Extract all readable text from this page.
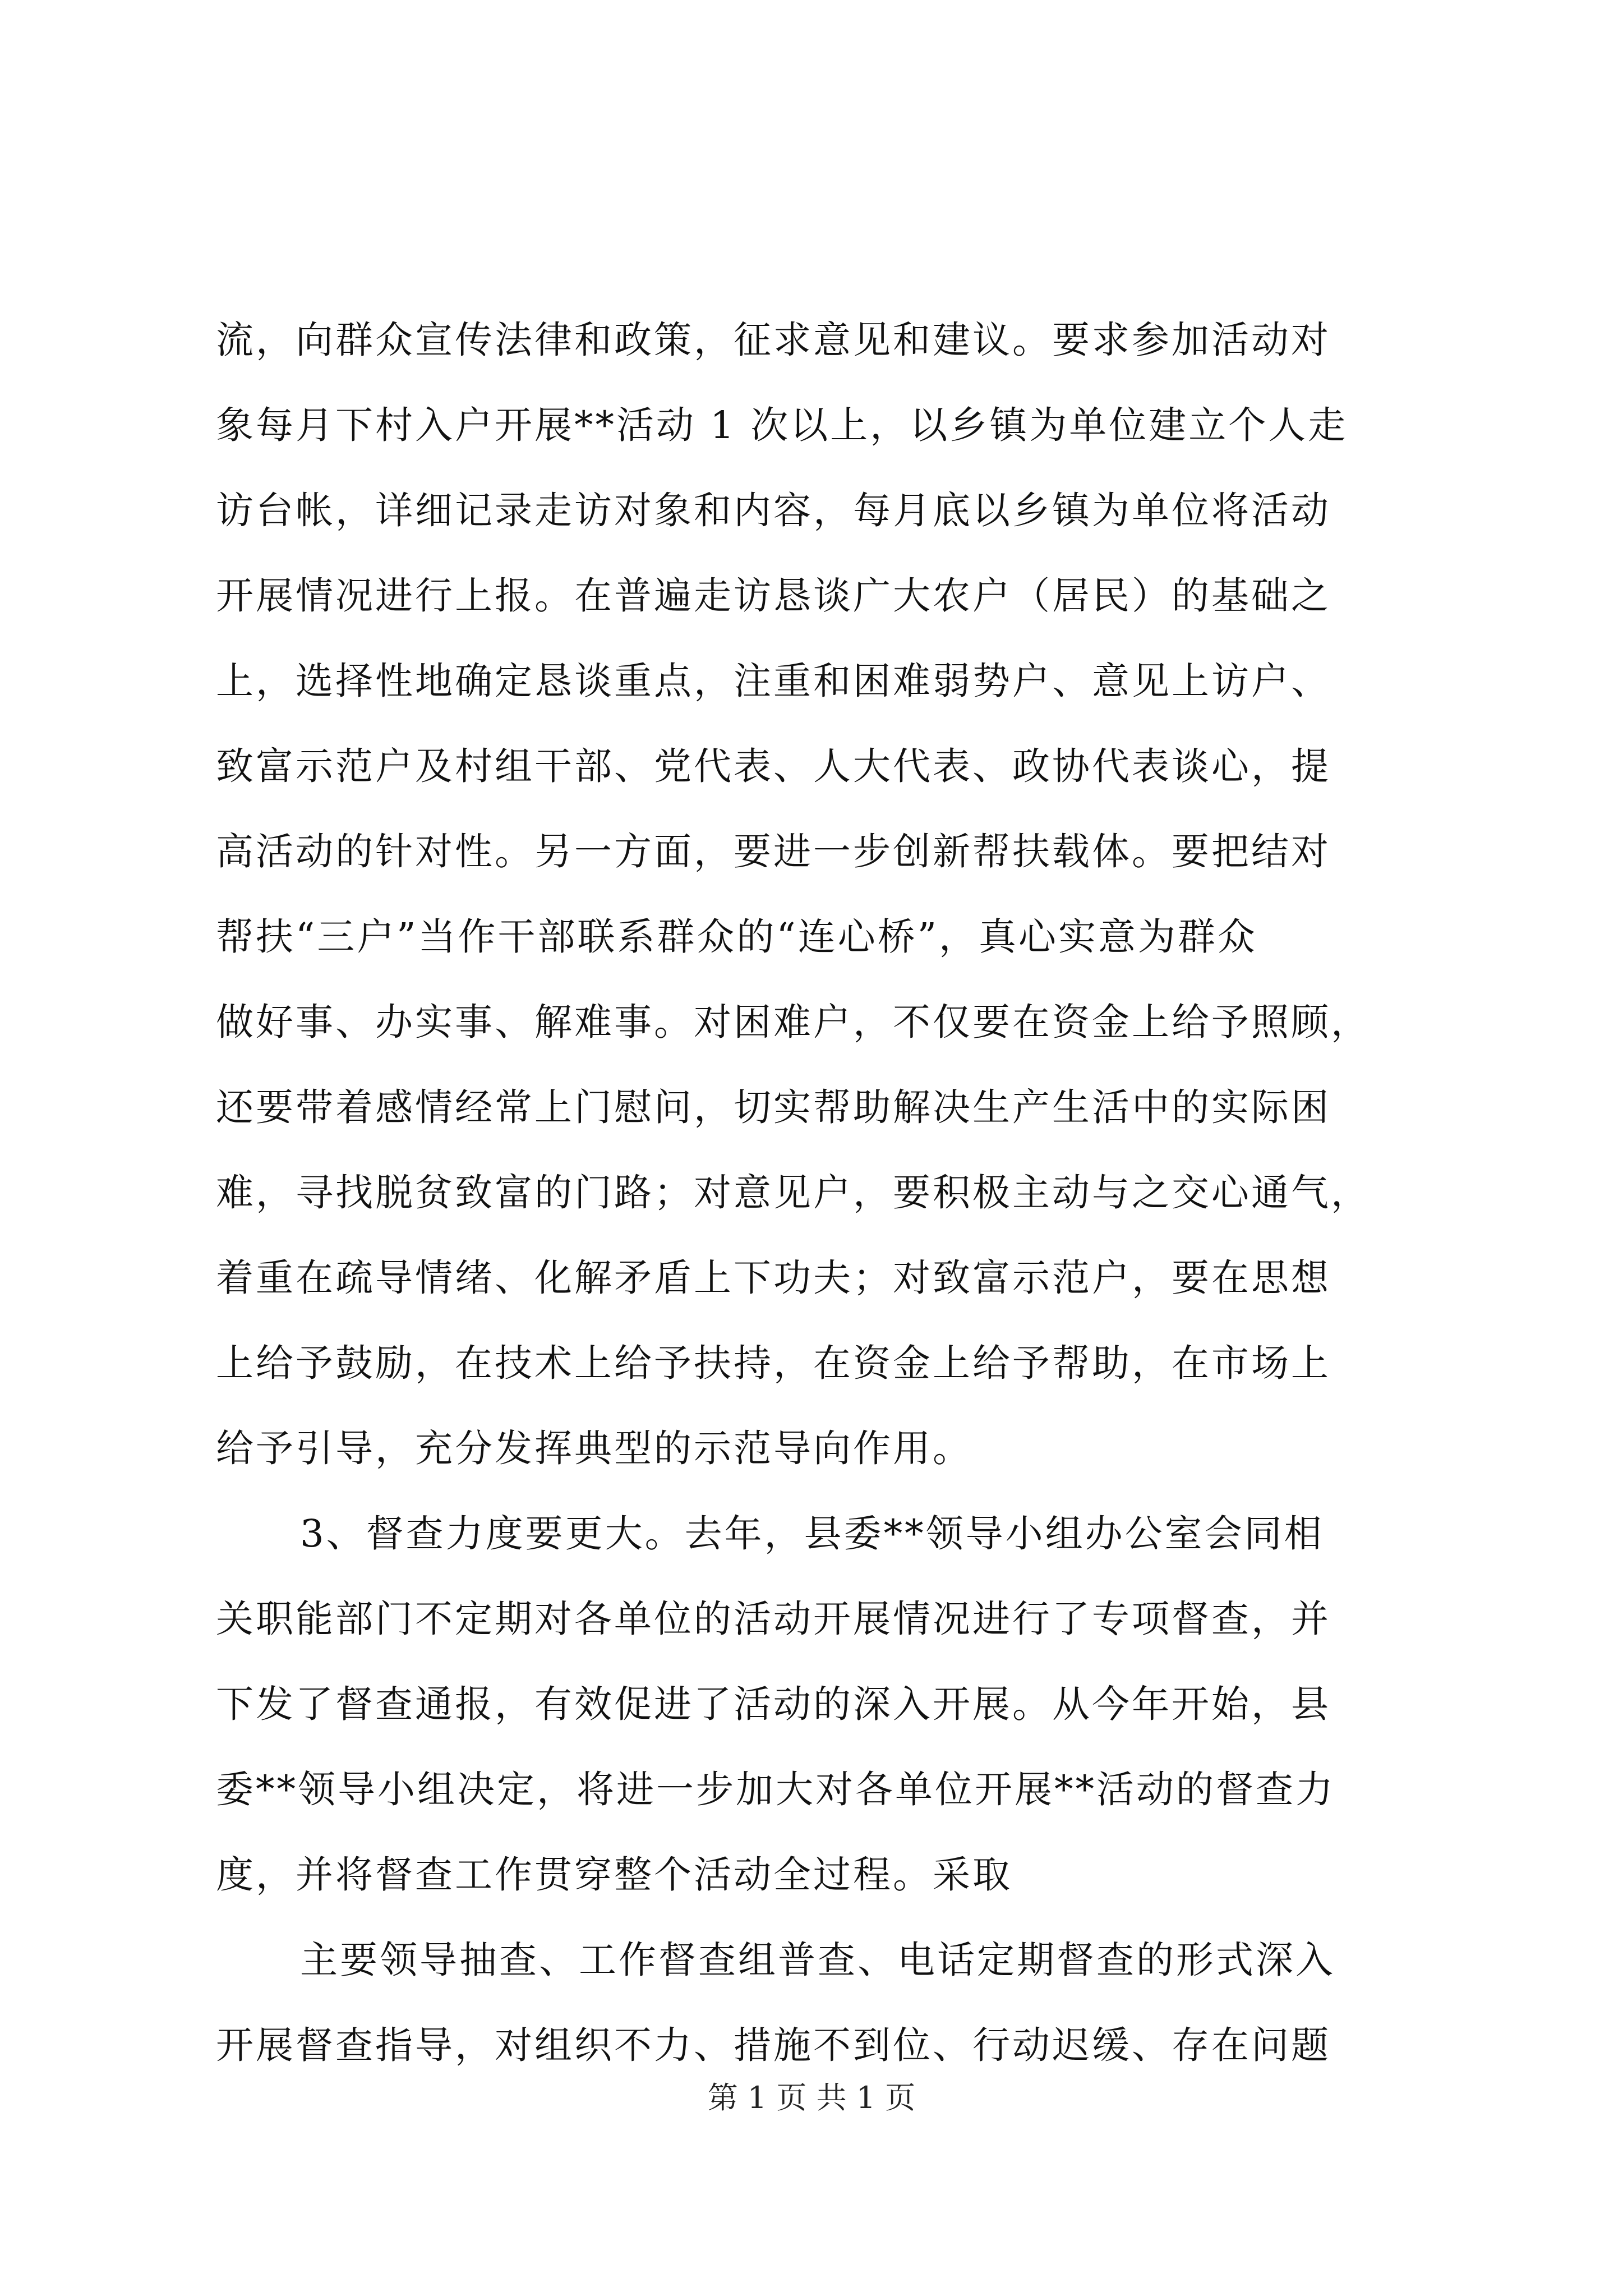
流，向群众宣传法律和政策，征求意见和建议。要求参加活动对
象每月下村入户开展**活动 1 次以上，以乡镇为单位建立个人走
访台帐，详细记录走访对象和内容，每月底以乡镇为单位将活动
开展情况进行上报。在普遍走访恳谈广大农户（居民）的基础之
上，选择性地确定恳谈重点，注重和困难弱势户、意见上访户、
致富示范户及村组干部、党代表、人大代表、政协代表谈心，提
高活动的针对性。另一方面，要进一步创新帮扶载体。要把结对
帮扶“三户”当作干部联系群众的“连心桥”，真心实意为群众
做好事、办实事、解难事。对困难户，不仅要在资金上给予照顾，
还要带着感情经常上门慰问，切实帮助解决生产生活中的实际困
难，寻找脱贫致富的门路；对意见户，要积极主动与之交心通气，
着重在疏导情绪、化解矛盾上下功夫；对致富示范户，要在思想
上给予鼓励，在技术上给予扶持，在资金上给予帮助，在市场上
给予引导，充分发挥典型的示范导向作用。
3、督查力度要更大。去年，县委**领导小组办公室会同相
关职能部门不定期对各单位的活动开展情况进行了专项督查，并
下发了督查通报，有效促进了活动的深入开展。从今年开始，县
委**领导小组决定，将进一步加大对各单位开展**活动的督查力
度，并将督查工作贯穿整个活动全过程。采取
主要领导抽查、工作督查组普查、电话定期督查的形式深入
开展督查指导，对组织不力、措施不到位、行动迟缓、存在问题
第 1 页 共 1 页
